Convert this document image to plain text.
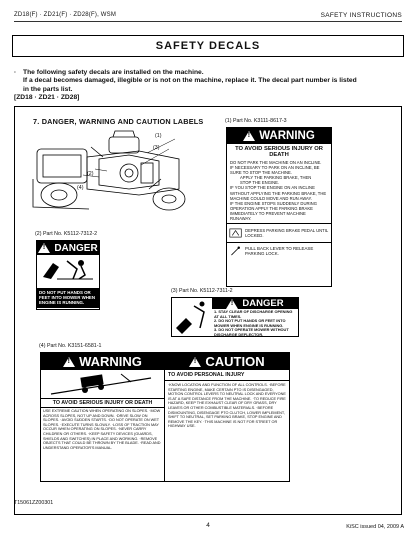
ZD18(F) · ZD21(F) · ZD28(F), WSM	SAFETY INSTRUCTIONS
SAFETY DECALS
·	The following safety decals are installed on the machine.
If a decal becomes damaged, illegible or is not on the machine, replace it. The decal part number is listed
in the parts list.
[ZD18 · ZD21 · ZD28]
7. DANGER, WARNING AND CAUTION LABELS
(1)
(3)
(2)
(4)
(1) Part No. K3111-8617-3
!
WARNING
TO AVOID SERIOUS INJURY OR DEATH
DO NOT PARK THE MACHINE ON AN INCLINE.
IF NECESSARY TO PARK ON AN INCLINE, BE SURE TO STOP THE MACHINE.
APPLY THE PARKING BRAKE, THEN
STOP THE ENGINE.
IF YOU STOP THE ENGINE ON AN INCLINE WITHOUT APPLYING THE PARKING BRAKE, THE MACHINE COULD MOVE AND RUN AWAY.
IF THE ENGINE STOPS SUDDENLY DURING OPERATION APPLY THE PARKING BRAKE IMMEDIATELY TO PREVENT MACHINE RUNAWAY.
DEPRESS PARKING BRAKE PEDAL UNTIL LOCKED.
PULL BACK LEVER TO RELEASE PARKING LOCK.
(2) Part No. K5112-7312-2
!
DANGER
DO NOT PUT HANDS OR FEET INTO MOWER WHEN ENGINE IS RUNNING.
(3) Part No. K5112-7311-2
!
DANGER
1. STAY CLEAR OF DISCHARGE OPENING AT ALL TIMES.
2. DO NOT PUT HANDS OR FEET INTO MOWER WHEN ENGINE IS RUNNING.
3. DO NOT OPERATE MOWER WITHOUT DISCHARGE DEFLECTOR.
(4) Part No. K3151-6581-1
!
WARNING
TO AVOID SERIOUS INJURY OR DEATH
USE EXTREME CAUTION WHEN OPERATING ON SLOPES. ·MOW ACROSS SLOPES, NOT UP AND DOWN. ·DRIVE SLOW ON SLOPES. ·AVOID SUDDEN STARTS. ·DO NOT OPERATE ON WET SLOPES. ·EXECUTE TURNS SLOWLY. ·LOSS OF TRACTION MAY OCCUR WHEN OPERATING ON SLOPES. ·NEVER CARRY CHILDREN OR OTHERS. ·KEEP SAFETY DEVICES (GUARDS, SHIELDS AND SWITCHES) IN PLACE AND WORKING. ·REMOVE OBJECTS THAT COULD BE THROWN BY THE BLADE. ·READ AND UNDERSTAND OPERATOR'S MANUAL.
!
CAUTION
TO AVOID PERSONAL INJURY
·KNOW LOCATION AND FUNCTION OF ALL CONTROLS. ·BEFORE STARTING ENGINE, MAKE CERTAIN PTO IS DISENGAGED, MOTION CONTROL LEVERS TO NEUTRAL LOCK AND EVERYONE IS AT A SAFE DISTANCE FROM THE MACHINE. ·TO REDUCE FIRE HAZARD, KEEP THE EXHAUST CLEAR OF DRY GRASS, DRY LEAVES OR OTHER COMBUSTIBLE MATERIALS. ·BEFORE DISMOUNTING, DISENGAGE PTO CLUTCH, LOWER IMPLEMENT, SHIFT TO NEUTRAL, SET PARKING BRAKE, STOP ENGINE AND REMOVE THE KEY. ·THIS MACHINE IS NOT FOR STREET OR HIGHWAY USE.
T15061ZZ00301
4	KiSC issued 04, 2009 A
